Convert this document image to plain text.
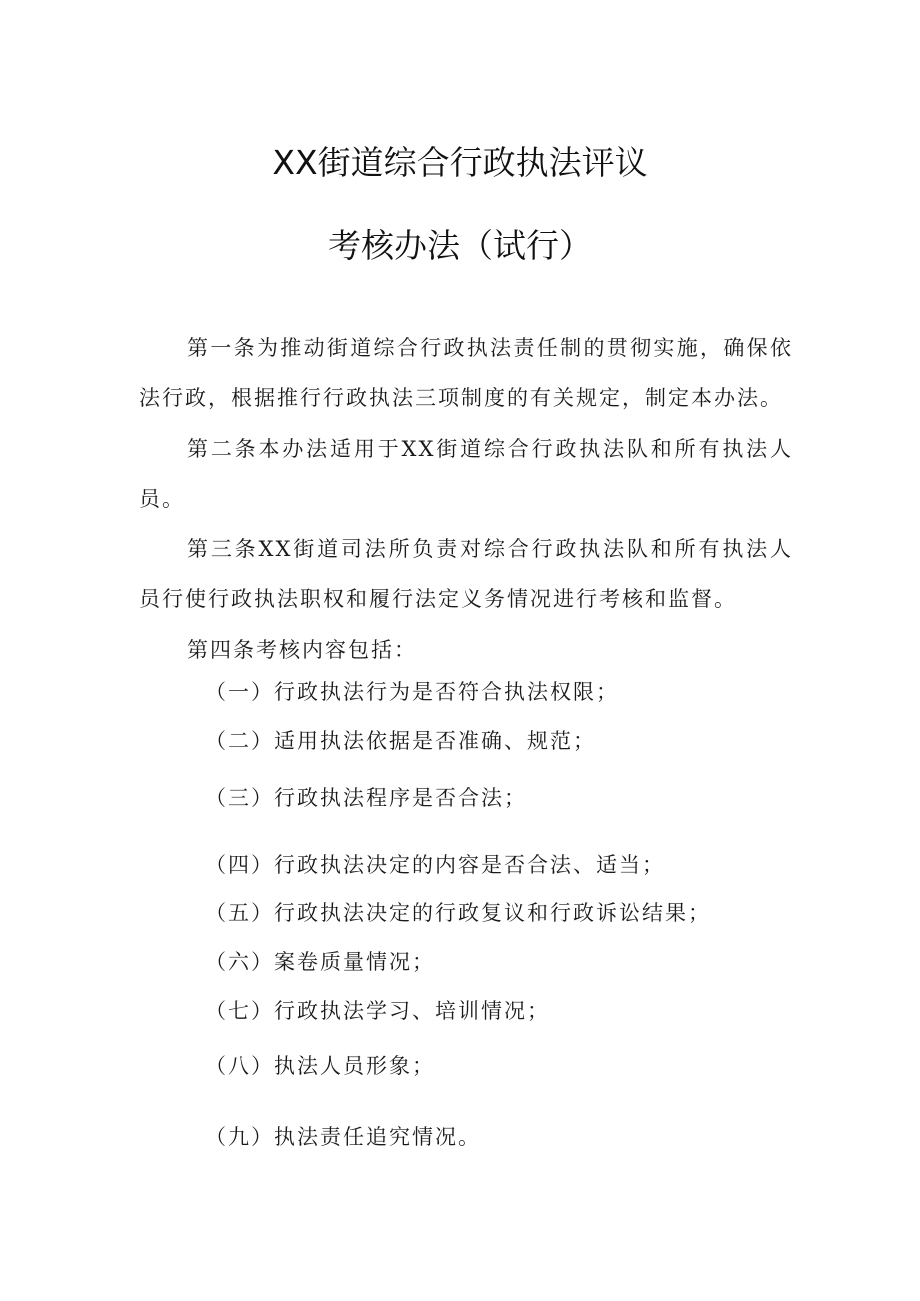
XX街道综合行政执法评议
考核办法（试行）
第一条为推动街道综合行政执法责任制的贯彻实施，确保依法行政，根据推行行政执法三项制度的有关规定，制定本办法。
第二条本办法适用于XX街道综合行政执法队和所有执法人员。
第三条XX街道司法所负责对综合行政执法队和所有执法人员行使行政执法职权和履行法定义务情况进行考核和监督。
第四条考核内容包括：
（一）行政执法行为是否符合执法权限；
（二）适用执法依据是否准确、规范；
（三）行政执法程序是否合法；
（四）行政执法决定的内容是否合法、适当；
（五）行政执法决定的行政复议和行政诉讼结果；
（六）案卷质量情况；
（七）行政执法学习、培训情况；
（八）执法人员形象；
（九）执法责任追究情况。
